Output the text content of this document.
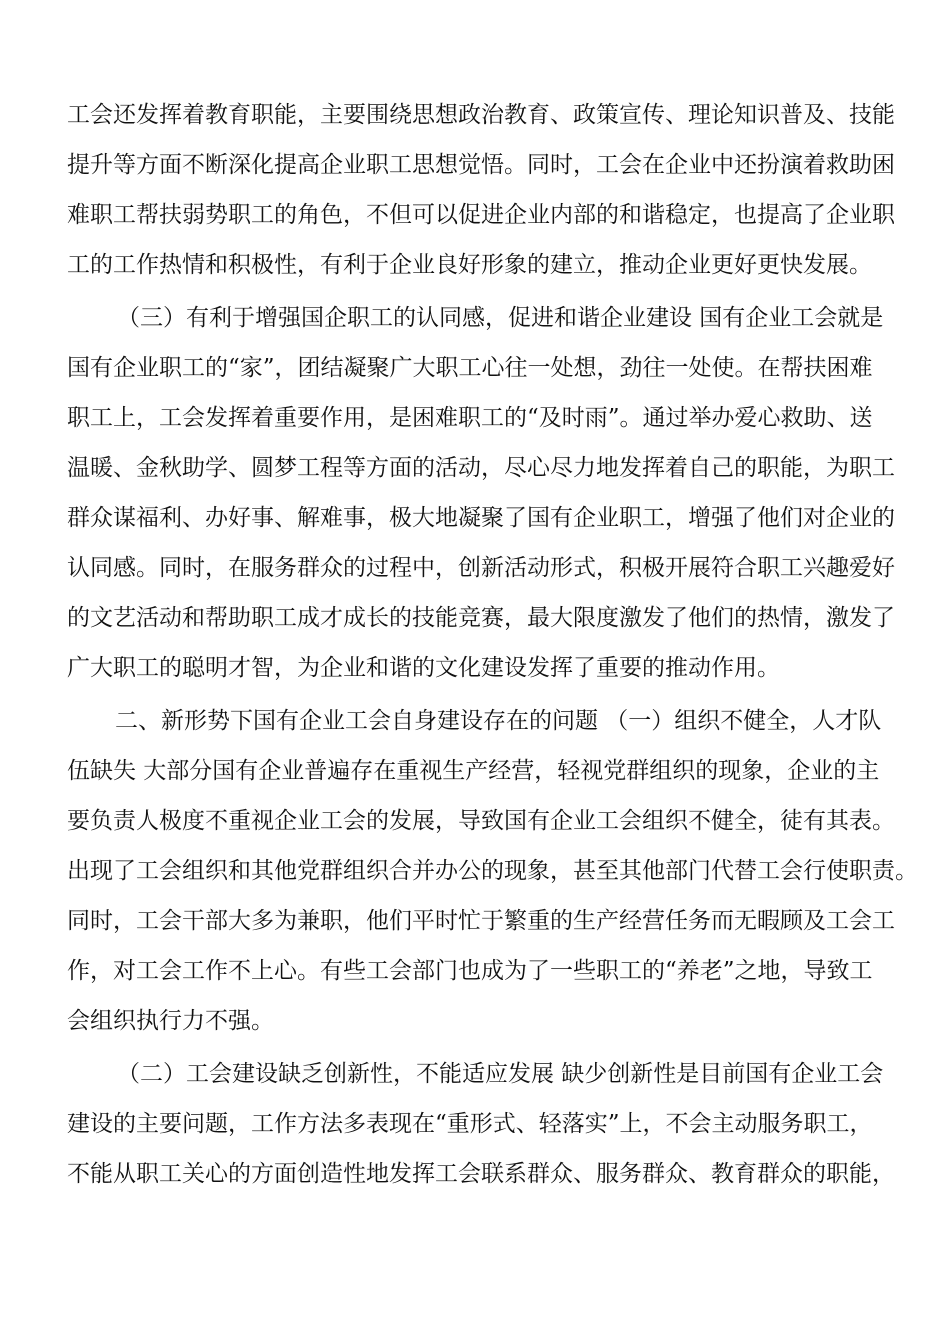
工会还发挥着教育职能，主要围绕思想政治教育、政策宣传、理论知识普及、技能

提升等方面不断深化提高企业职工思想觉悟。同时，工会在企业中还扮演着救助困

难职工帮扶弱势职工的角色，不但可以促进企业内部的和谐稳定，也提高了企业职

工的工作热情和积极性，有利于企业良好形象的建立，推动企业更好更快发展。

（三）有利于增强国企职工的认同感，促进和谐企业建设 国有企业工会就是

国有企业职工的“家”，团结凝聚广大职工心往一处想，劲往一处使。在帮扶困难

职工上，工会发挥着重要作用，是困难职工的“及时雨”。通过举办爱心救助、送

温暖、金秋助学、圆梦工程等方面的活动，尽心尽力地发挥着自己的职能，为职工

群众谋福利、办好事、解难事，极大地凝聚了国有企业职工，增强了他们对企业的

认同感。同时，在服务群众的过程中，创新活动形式，积极开展符合职工兴趣爱好

的文艺活动和帮助职工成才成长的技能竞赛，最大限度激发了他们的热情，激发了

广大职工的聪明才智，为企业和谐的文化建设发挥了重要的推动作用。

二、新形势下国有企业工会自身建设存在的问题 （一）组织不健全，人才队

伍缺失 大部分国有企业普遍存在重视生产经营，轻视党群组织的现象，企业的主

要负责人极度不重视企业工会的发展，导致国有企业工会组织不健全，徒有其表。

出现了工会组织和其他党群组织合并办公的现象，甚至其他部门代替工会行使职责。

同时，工会干部大多为兼职，他们平时忙于繁重的生产经营任务而无暇顾及工会工

作，对工会工作不上心。有些工会部门也成为了一些职工的“养老”之地，导致工

会组织执行力不强。

（二）工会建设缺乏创新性，不能适应发展 缺少创新性是目前国有企业工会

建设的主要问题，工作方法多表现在“重形式、轻落实”上，不会主动服务职工，

不能从职工关心的方面创造性地发挥工会联系群众、服务群众、教育群众的职能，
